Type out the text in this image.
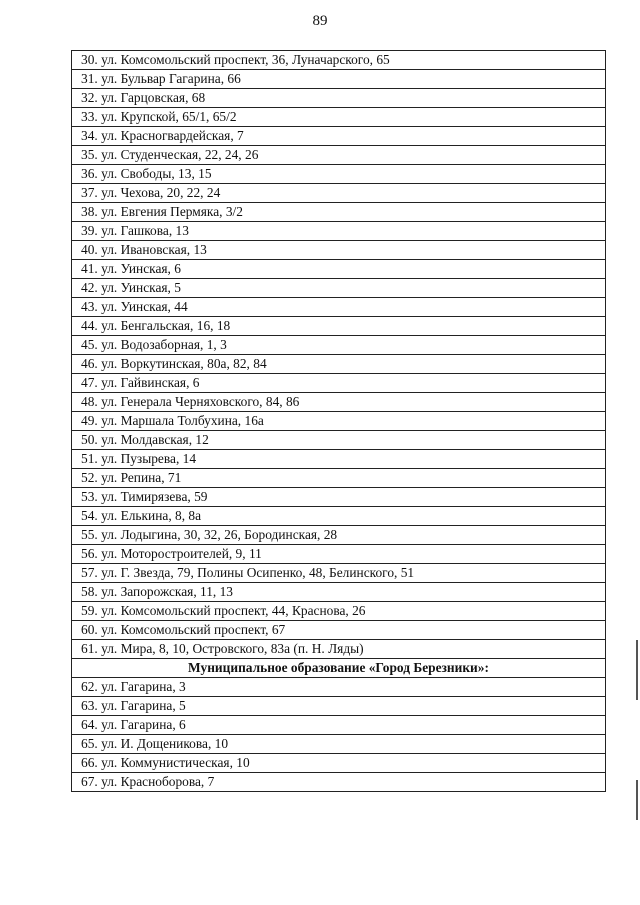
89
30. ул. Комсомольский проспект, 36, Луначарского, 65
31. ул. Бульвар Гагарина, 66
32. ул. Гарцовская, 68
33. ул. Крупской, 65/1, 65/2
34. ул. Красногвардейская, 7
35. ул. Студенческая, 22, 24, 26
36. ул. Свободы, 13, 15
37. ул. Чехова, 20, 22, 24
38. ул. Евгения Пермяка, 3/2
39. ул. Гашкова, 13
40. ул. Ивановская, 13
41. ул. Уинская, 6
42. ул. Уинская, 5
43. ул. Уинская, 44
44. ул. Бенгальская, 16, 18
45. ул. Водозаборная, 1, 3
46. ул. Воркутинская, 80а, 82, 84
47. ул. Гайвинская, 6
48. ул. Генерала Черняховского, 84, 86
49. ул. Маршала Толбухина, 16а
50. ул. Молдавская, 12
51. ул. Пузырева, 14
52. ул. Репина, 71
53. ул. Тимирязева, 59
54. ул. Елькина, 8, 8а
55. ул. Лодыгина, 30, 32, 26, Бородинская, 28
56. ул. Моторостроителей, 9, 11
57. ул. Г. Звезда, 79, Полины Осипенко, 48, Белинского, 51
58. ул. Запорожская, 11, 13
59. ул. Комсомольский проспект, 44, Краснова, 26
60. ул. Комсомольский проспект, 67
61. ул. Мира, 8, 10, Островского, 83а (п. Н. Ляды)
Муниципальное образование «Город Березники»:
62. ул. Гагарина, 3
63. ул. Гагарина, 5
64. ул. Гагарина, 6
65. ул. И. Дощеникова, 10
66. ул. Коммунистическая, 10
67. ул. Красноборова, 7
